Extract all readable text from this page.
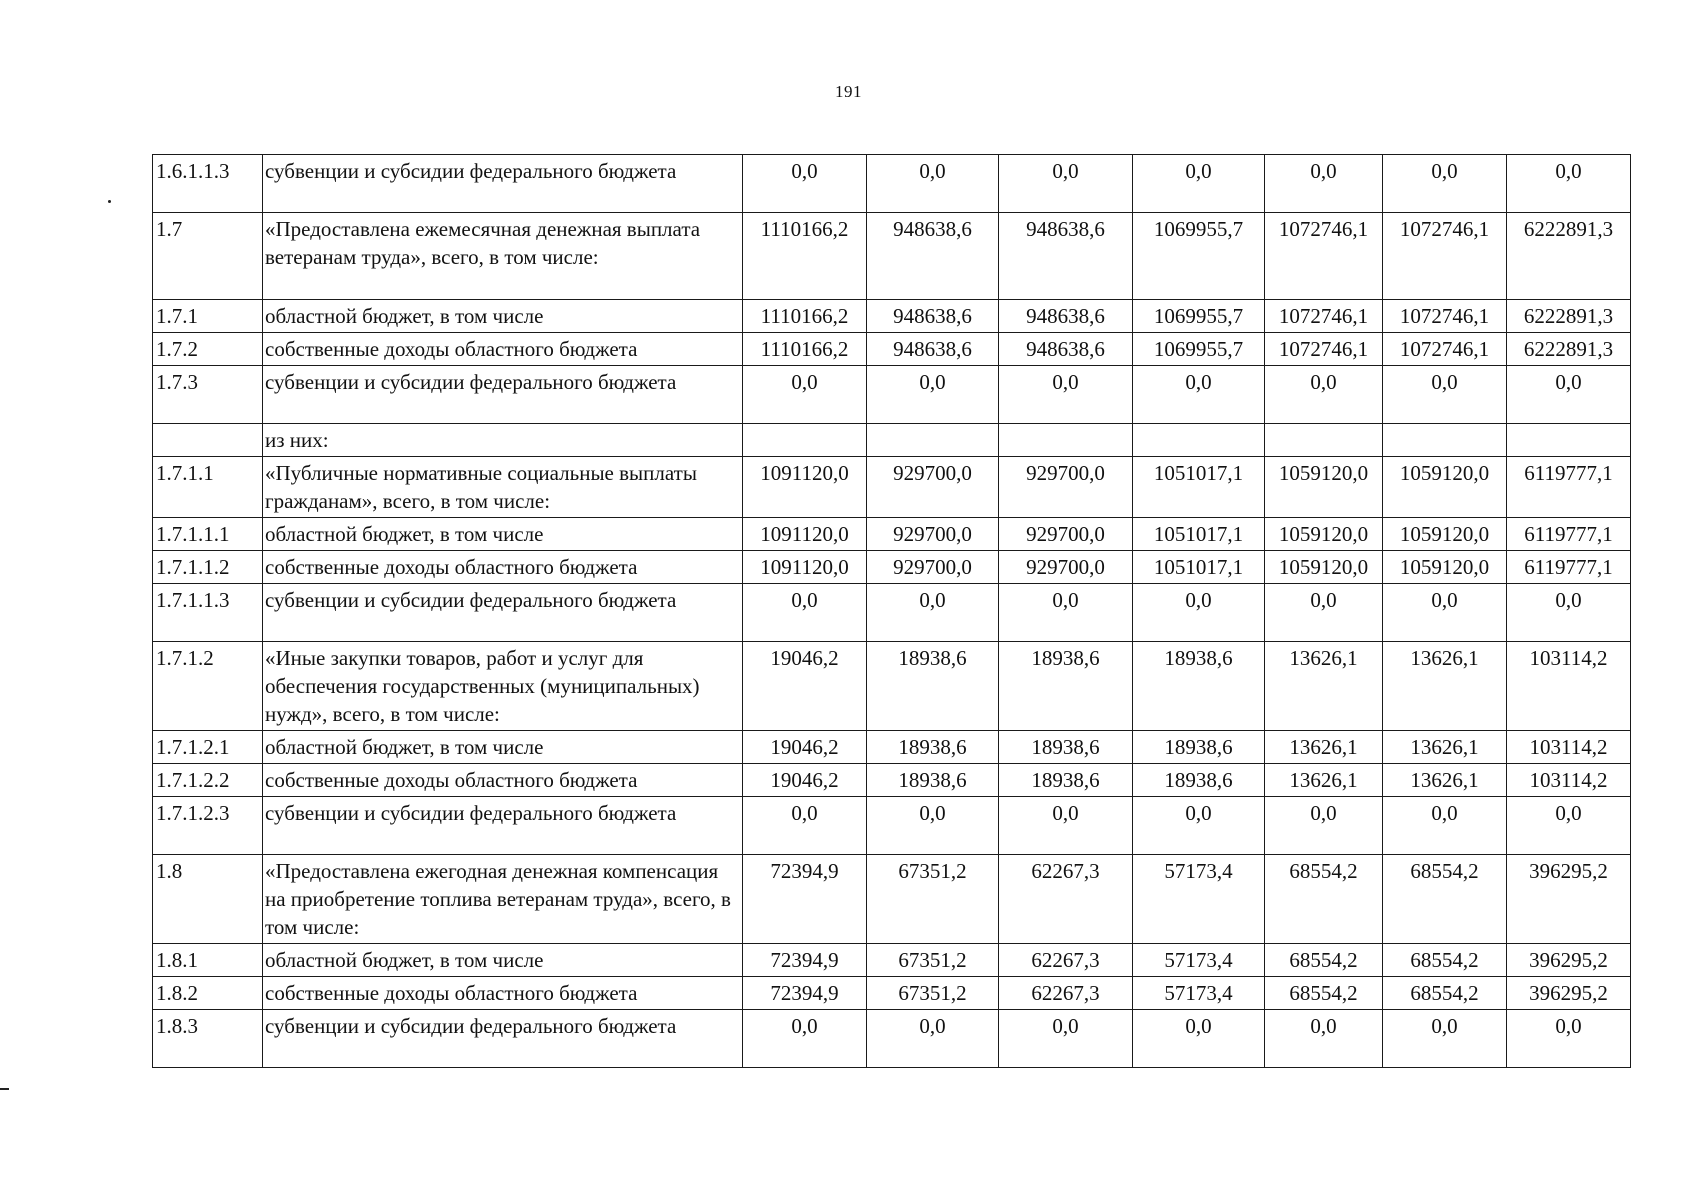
191
1.6.1.1.3	субвенции и субсидии федерального бюджета	0,0	0,0	0,0	0,0	0,0	0,0	0,0
1.7	«Предоставлена ежемесячная денежная выплата ветеранам труда», всего, в том числе:	1110166,2	948638,6	948638,6	1069955,7	1072746,1	1072746,1	6222891,3
1.7.1	областной бюджет, в том числе	1110166,2	948638,6	948638,6	1069955,7	1072746,1	1072746,1	6222891,3
1.7.2	собственные доходы областного бюджета	1110166,2	948638,6	948638,6	1069955,7	1072746,1	1072746,1	6222891,3
1.7.3	субвенции и субсидии федерального бюджета	0,0	0,0	0,0	0,0	0,0	0,0	0,0
	из них:							
1.7.1.1	«Публичные нормативные социальные выплаты гражданам», всего, в том числе:	1091120,0	929700,0	929700,0	1051017,1	1059120,0	1059120,0	6119777,1
1.7.1.1.1	областной бюджет, в том числе	1091120,0	929700,0	929700,0	1051017,1	1059120,0	1059120,0	6119777,1
1.7.1.1.2	собственные доходы областного бюджета	1091120,0	929700,0	929700,0	1051017,1	1059120,0	1059120,0	6119777,1
1.7.1.1.3	субвенции и субсидии федерального бюджета	0,0	0,0	0,0	0,0	0,0	0,0	0,0
1.7.1.2	«Иные закупки товаров, работ и услуг для обеспечения государственных (муниципальных) нужд», всего, в том числе:	19046,2	18938,6	18938,6	18938,6	13626,1	13626,1	103114,2
1.7.1.2.1	областной бюджет, в том числе	19046,2	18938,6	18938,6	18938,6	13626,1	13626,1	103114,2
1.7.1.2.2	собственные доходы областного бюджета	19046,2	18938,6	18938,6	18938,6	13626,1	13626,1	103114,2
1.7.1.2.3	субвенции и субсидии федерального бюджета	0,0	0,0	0,0	0,0	0,0	0,0	0,0
1.8	«Предоставлена ежегодная денежная компенсация на приобретение топлива ветеранам труда», всего, в том числе:	72394,9	67351,2	62267,3	57173,4	68554,2	68554,2	396295,2
1.8.1	областной бюджет, в том числе	72394,9	67351,2	62267,3	57173,4	68554,2	68554,2	396295,2
1.8.2	собственные доходы областного бюджета	72394,9	67351,2	62267,3	57173,4	68554,2	68554,2	396295,2
1.8.3	субвенции и субсидии федерального бюджета	0,0	0,0	0,0	0,0	0,0	0,0	0,0
